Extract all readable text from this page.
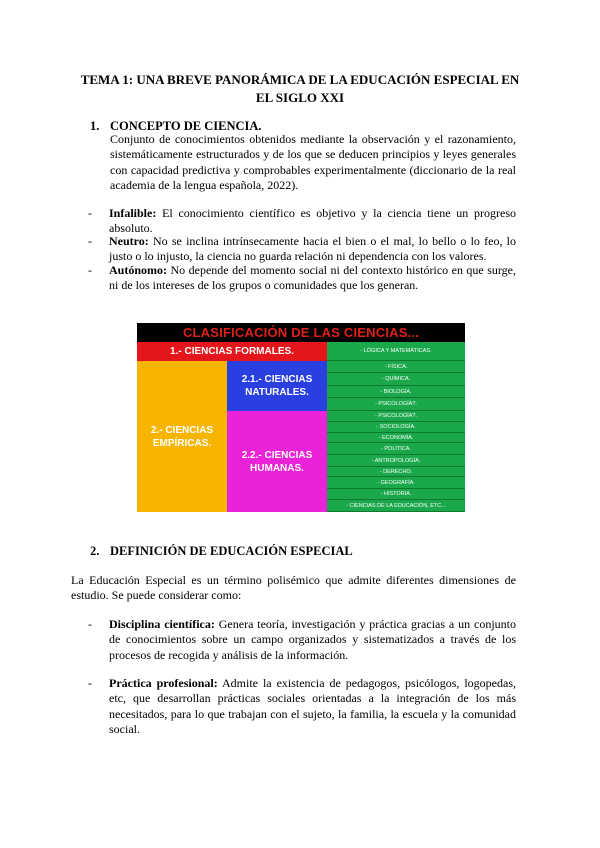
TEMA 1: UNA BREVE PANORÁMICA DE LA EDUCACIÓN ESPECIAL EN
EL SIGLO XXI
1. CONCEPTO DE CIENCIA.
Conjunto de conocimientos obtenidos mediante la observación y el razonamiento, sistemáticamente estructurados y de los que se deducen principios y leyes generales con capacidad predictiva y comprobables experimentalmente (diccionario de la real academia de la lengua española, 2022).
- Infalible: El conocimiento científico es objetivo y la ciencia tiene un progreso absoluto.
- Neutro: No se inclina intrínsecamente hacia el bien o el mal, lo bello o lo feo, lo justo o lo injusto, la ciencia no guarda relación ni dependencia con los valores.
- Autónomo: No depende del momento social ni del contexto histórico en que surge, ni de los intereses de los grupos o comunidades que los generan.
CLASIFICACIÓN DE LAS CIENCIAS...
1.- CIENCIAS FORMALES.
2.- CIENCIAS
EMPÍRICAS.
2.1.- CIENCIAS
NATURALES.
2.2.- CIENCIAS
HUMANAS.
- LÓGICA Y MATEMÁTICAS.
- FÍSICA.
- QUÍMICA.
- BIOLOGÍA.
- PSICOLOGÍA?.
- PSICOLOGÍA?.
- SOCIOLOGÍA.
- ECONOMÍA.
- POLÍTICA.
- ANTROPOLOGÍA.
- DERECHO.
- GEOGRAFÍA.
- HISTORIA.
- CIENCIAS DE LA EDUCACIÓN, ETC...
2. DEFINICIÓN DE EDUCACIÓN ESPECIAL
La Educación Especial es un término polisémico que admite diferentes dimensiones de estudio. Se puede considerar como:
- Disciplina científica: Genera teoría, investigación y práctica gracias a un conjunto de conocimientos sobre un campo organizados y sistematizados a través de los procesos de recogida y análisis de la información.
- Práctica profesional: Admite la existencia de pedagogos, psicólogos, logopedas, etc, que desarrollan prácticas sociales orientadas a la integración de los más necesitados, para lo que trabajan con el sujeto, la familia, la escuela y la comunidad social.
